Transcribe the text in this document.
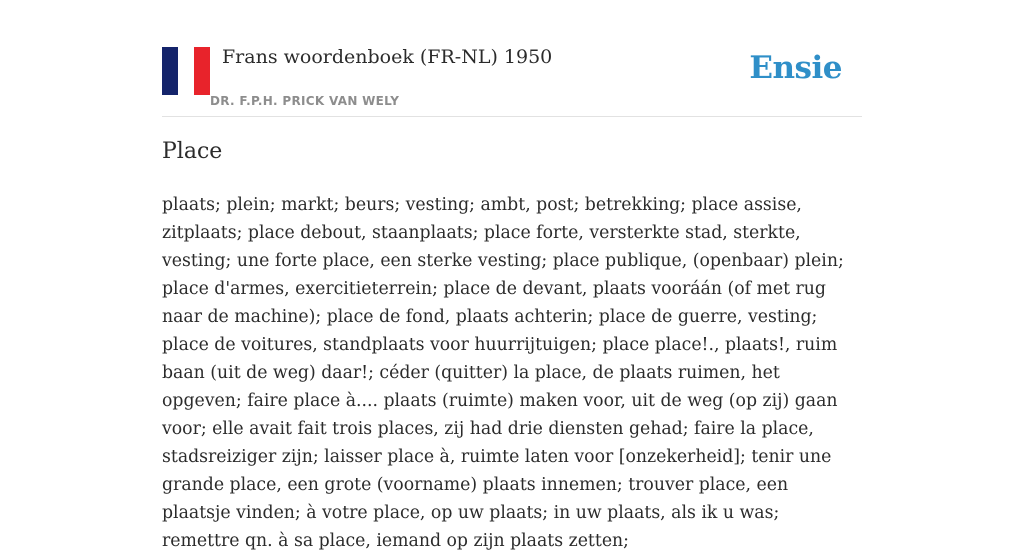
Frans woordenboek (FR-NL) 1950
DR. F.P.H. PRICK VAN WELY
Ensie
Place

plaats; plein; markt; beurs; vesting; ambt, post; betrekking; place assise, zitplaats; place debout, staanplaats; place forte, versterkte stad, sterkte, vesting; une forte place, een sterke vesting; place publique, (openbaar) plein; place d'armes, exercitieterrein; place de devant, plaats vooráán (of met rug naar de machine); place de fond, plaats achterin; place de guerre, vesting; place de voitures, standplaats voor huurrijtuigen; place place!., plaats!, ruim baan (uit de weg) daar!; céder (quitter) la place, de plaats ruimen, het opgeven; faire place à.... plaats (ruimte) maken voor, uit de weg (op zij) gaan voor; elle avait fait trois places, zij had drie diensten gehad; faire la place, stadsreiziger zijn; laisser place à, ruimte laten voor [onzekerheid]; tenir une grande place, een grote (voorname) plaats innemen; trouver place, een plaatsje vinden; à votre place, op uw plaats; in uw plaats, als ik u was; remettre qn. à sa place, iemand op zijn plaats zetten;
